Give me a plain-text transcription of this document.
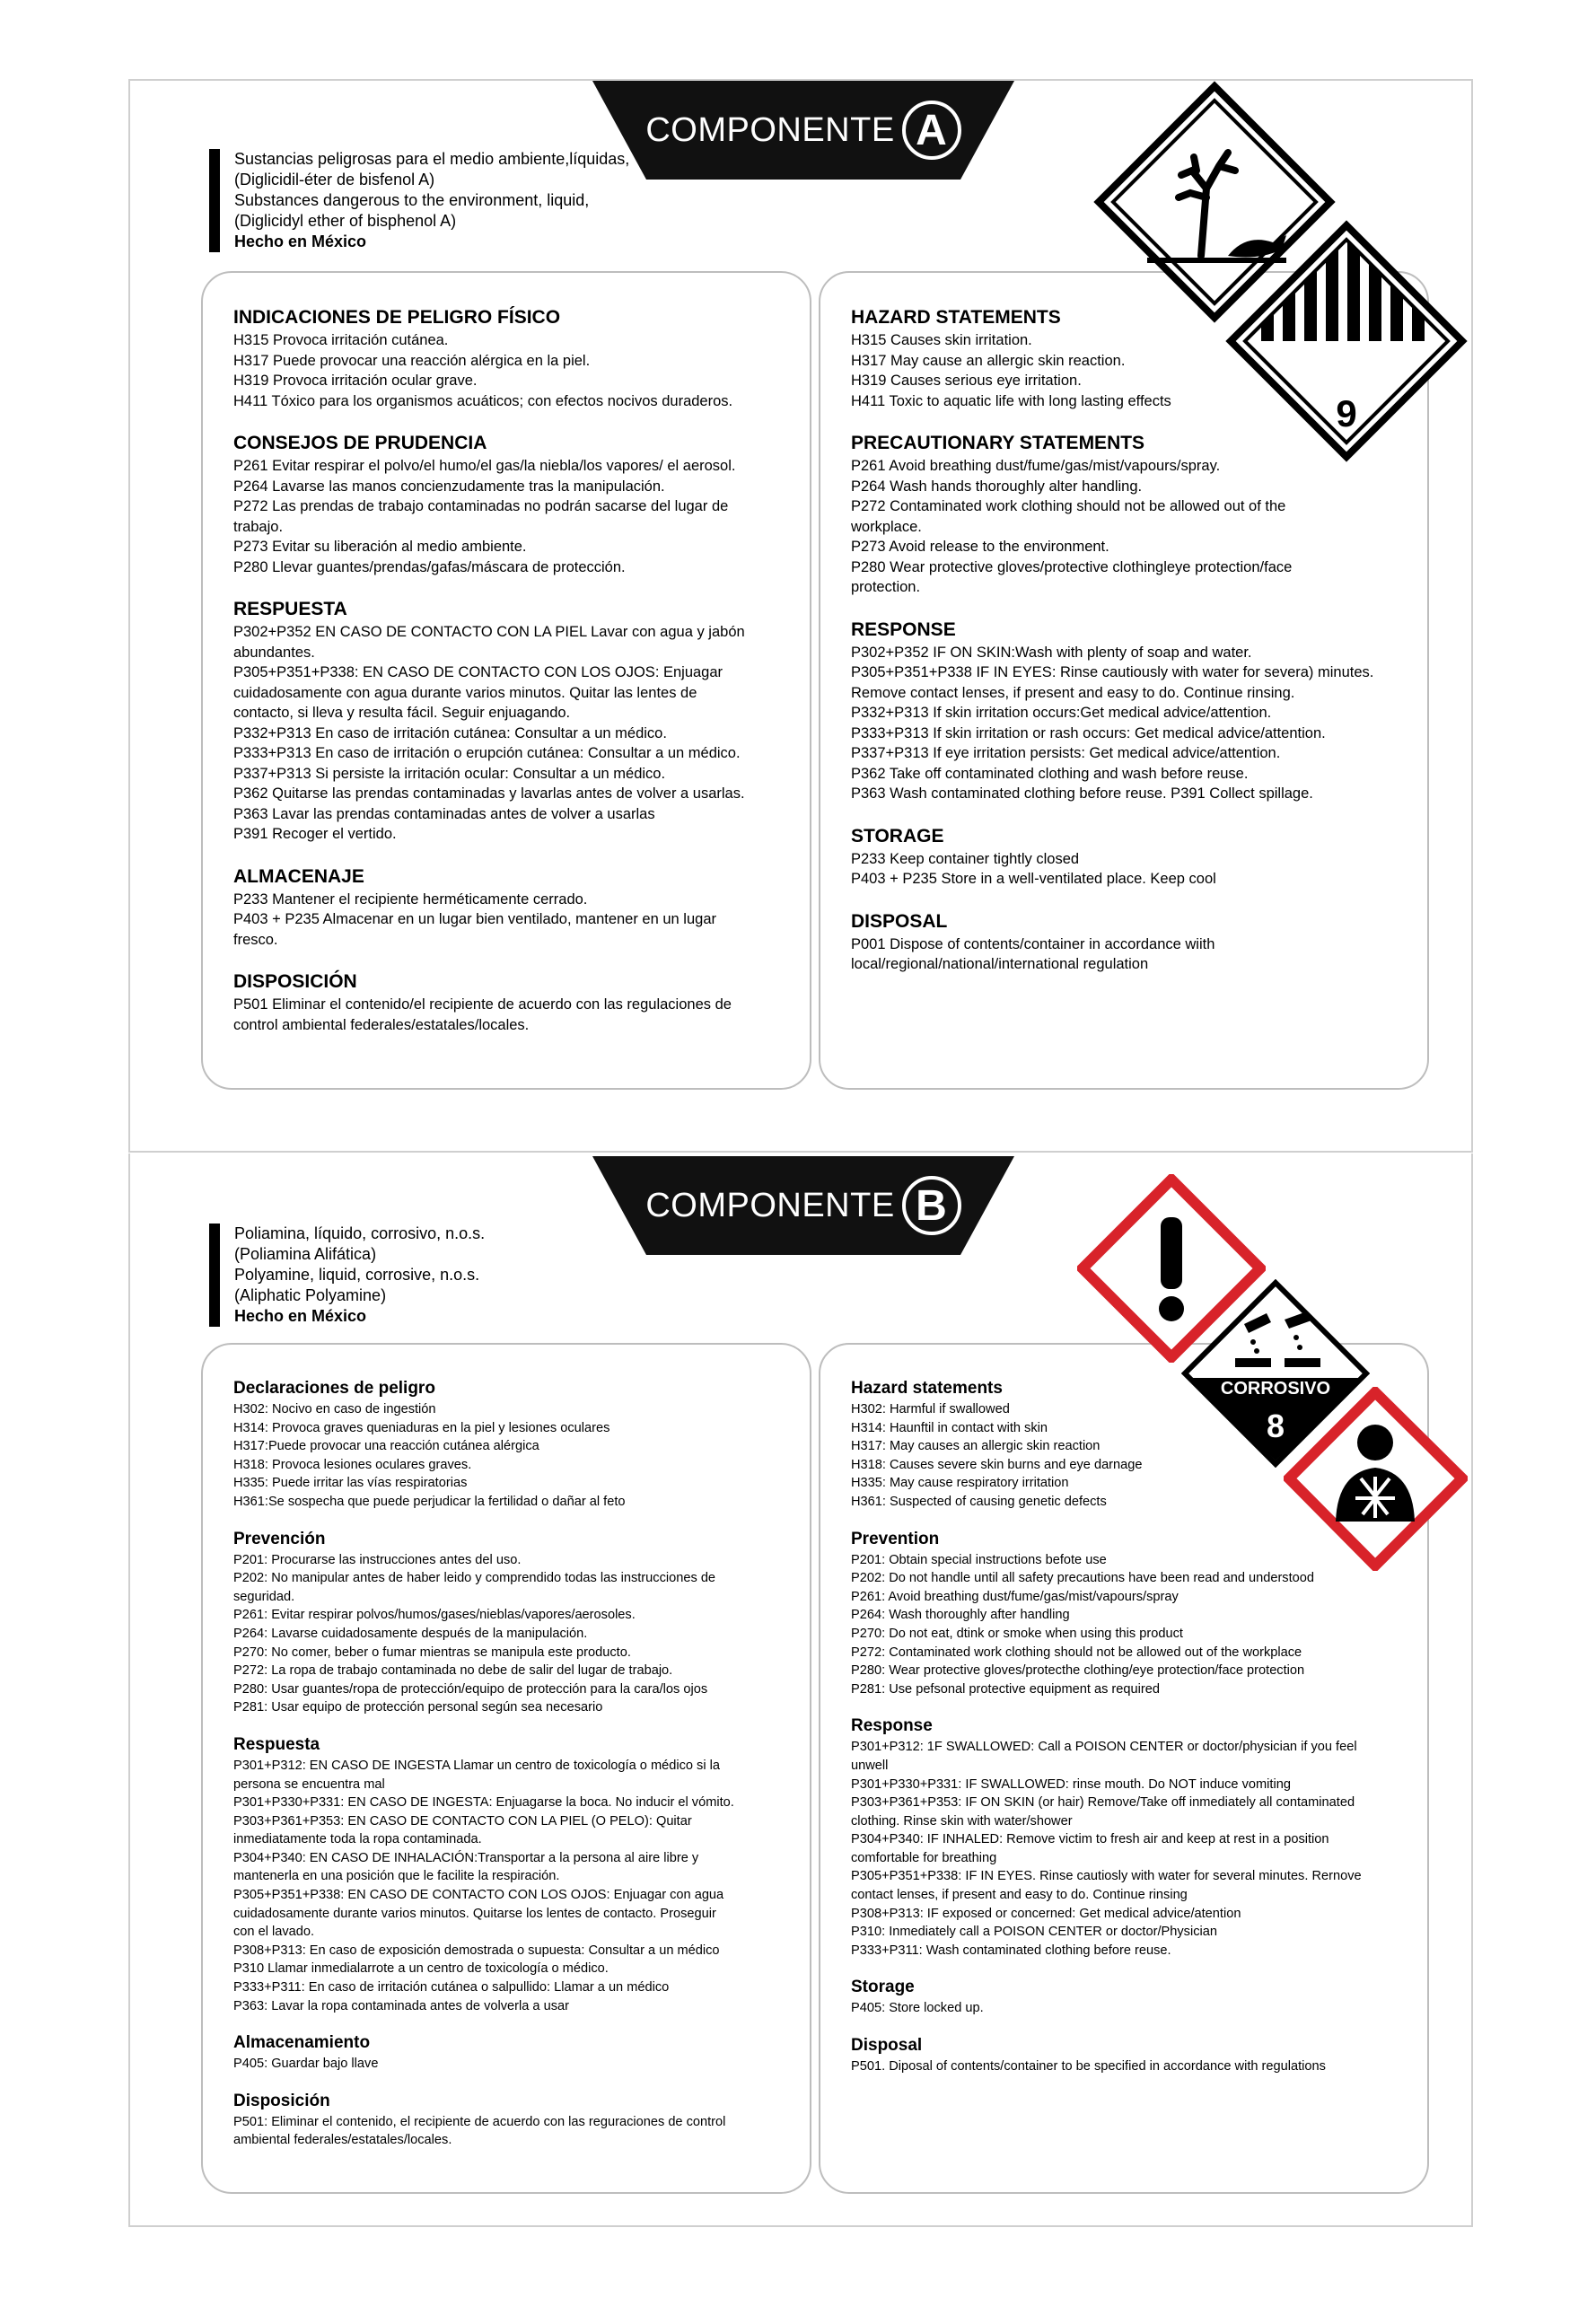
COMPONENTE A
Sustancias peligrosas para el medio ambiente,líquidas,
(Diglicidil-éter de bisfenol A)
Substances dangerous to the environment, liquid,
(Diglicidyl ether of bisphenol A)
Hecho en México
INDICACIONES DE PELIGRO FÍSICO
H315 Provoca irritación cutánea.
H317 Puede provocar una reacción alérgica en la piel.
H319 Provoca irritación ocular grave.
H411 Tóxico para los organismos acuáticos; con efectos nocivos duraderos.
CONSEJOS DE PRUDENCIA
P261 Evitar respirar el polvo/el humo/el gas/la niebla/los vapores/ el aerosol.
P264 Lavarse las manos concienzudamente tras la manipulación.
P272 Las prendas de trabajo contaminadas no podrán sacarse del lugar de
trabajo.
P273 Evitar su liberación al medio ambiente.
P280 Llevar guantes/prendas/gafas/máscara de protección.
RESPUESTA
P302+P352 EN CASO DE CONTACTO CON LA PIEL Lavar con agua y jabón
abundantes.
P305+P351+P338: EN CASO DE CONTACTO CON LOS OJOS: Enjuagar
cuidadosamente con agua durante varios minutos. Quitar las lentes de
contacto, si lleva y resulta fácil. Seguir enjuagando.
P332+P313 En caso de irritación cutánea: Consultar a un médico.
P333+P313 En caso de irritación o erupción cutánea: Consultar a un médico.
P337+P313 Si persiste la irritación ocular: Consultar a un médico.
P362 Quitarse las prendas contaminadas y lavarlas antes de volver a usarlas.
P363 Lavar las prendas contaminadas antes de volver a usarlas
P391 Recoger el vertido.
ALMACENAJE
P233 Mantener el recipiente herméticamente cerrado.
P403 + P235 Almacenar en un lugar bien ventilado, mantener en un lugar
fresco.
DISPOSICIÓN
P501 Eliminar el contenido/el recipiente de acuerdo con las regulaciones de
control ambiental federales/estatales/locales.
HAZARD STATEMENTS
H315 Causes skin irritation.
H317 May cause an allergic skin reaction.
H319 Causes serious eye irritation.
H411 Toxic to aquatic life with long lasting effects
PRECAUTIONARY STATEMENTS
P261 Avoid breathing dust/fume/gas/mist/vapours/spray.
P264 Wash hands thoroughly alter handling.
P272 Contaminated work clothing should not be allowed out of the
workplace.
P273 Avoid release to the environment.
P280 Wear protective gloves/protective clothingleye protection/face
protection.
RESPONSE
P302+P352 IF ON SKIN:Wash with plenty of soap and water.
P305+P351+P338 IF IN EYES: Rinse cautiously with water for severa) minutes.
Remove contact lenses, if present and easy to do. Continue rinsing.
P332+P313 If skin irritation occurs:Get medical advice/attention.
P333+P313 If skin irritation or rash occurs: Get medical advice/attention.
P337+P313 If eye irritation persists: Get medical advice/attention.
P362 Take off contaminated clothing and wash before reuse.
P363 Wash contaminated clothing before reuse. P391 Collect spillage.
STORAGE
P233 Keep container tightly closed
P403 + P235 Store in a well-ventilated place. Keep cool
DISPOSAL
P001 Dispose of contents/container in accordance wiith
local/regional/national/international regulation
9
COMPONENTE B
Poliamina, líquido, corrosivo, n.o.s.
(Poliamina Alifática)
Polyamine, liquid, corrosive, n.o.s.
(Aliphatic Polyamine)
Hecho en México
Declaraciones de peligro
H302: Nocivo en caso de ingestión
H314: Provoca graves queniaduras en la piel y lesiones oculares
H317:Puede provocar una reacción cutánea alérgica
H318: Provoca lesiones oculares graves.
H335: Puede irritar las vías respiratorias
H361:Se sospecha que puede perjudicar la fertilidad o dañar al feto
Prevención
P201: Procurarse las instrucciones antes del uso.
P202: No manipular antes de haber leido y comprendido todas las instrucciones de
seguridad.
P261: Evitar respirar polvos/humos/gases/nieblas/vapores/aerosoles.
P264: Lavarse cuidadosamente después de la manipulación.
P270: No comer, beber o fumar mientras se manipula este producto.
P272: La ropa de trabajo contaminada no debe de salir del lugar de trabajo.
P280: Usar guantes/ropa de protección/equipo de protección para la cara/los ojos
P281: Usar equipo de protección personal según sea necesario
Respuesta
P301+P312: EN CASO DE INGESTA Llamar un centro de toxicología o médico si la
persona se encuentra mal
P301+P330+P331: EN CASO DE INGESTA: Enjuagarse la boca. No inducir el vómito.
P303+P361+P353: EN CASO DE CONTACTO CON LA PIEL (O PELO): Quitar
inmediatamente toda la ropa contaminada.
P304+P340: EN CASO DE INHALACIÓN:Transportar a la persona al aire libre y
mantenerla en una posición que le facilite la respiración.
P305+P351+P338: EN CASO DE CONTACTO CON LOS OJOS: Enjuagar con agua
cuidadosamente durante varios minutos. Quitarse los lentes de contacto. Proseguir
con el lavado.
P308+P313: En caso de exposición demostrada o supuesta: Consultar a un médico
P310 Llamar inmedialarrote a un centro de toxicología o médico.
P333+P311: En caso de irritación cutánea o salpullido: Llamar a un médico
P363: Lavar la ropa contaminada antes de volverla a usar
Almacenamiento
P405: Guardar bajo llave
Disposición
P501: Eliminar el contenido, el recipiente de acuerdo con las reguraciones de control
ambiental federales/estatales/locales.
Hazard statements
H302: Harmful if swallowed
H314: Haunftil in contact with skin
H317: May causes an allergic skin reaction
H318: Causes severe skin burns and eye darnage
H335: May cause respiratory irritation
H361: Suspected of causing genetic defects
Prevention
P201: Obtain special instructions befote use
P202: Do not handle until all safety precautions have been read and understood
P261: Avoid breathing dust/fume/gas/mist/vapours/spray
P264: Wash thoroughly after handling
P270: Do not eat, dtink or smoke when using this product
P272: Contaminated work clothing should not be allowed out of the workplace
P280: Wear protective gloves/protecthe clothing/eye protection/face protection
P281: Use pefsonal protective equipment as required
Response
P301+P312: 1F SWALLOWED: Call a POISON CENTER or doctor/physician if you feel
unwell
P301+P330+P331: IF SWALLOWED: rinse mouth. Do NOT induce vomiting
P303+P361+P353: IF ON SKIN (or hair) Remove/Take off inmediately all contaminated
clothing. Rinse skin with water/shower
P304+P340: IF INHALED: Remove victim to fresh air and keep at rest in a position
comfortable for breathing
P305+P351+P338: IF IN EYES. Rinse cautiosly with water for several minutes. Rernove
contact lenses, if present and easy to do. Continue rinsing
P308+P313: IF exposed or concerned: Get medical advice/atention
P310: Inmediately call a POISON CENTER or doctor/Physician
P333+P311: Wash contaminated clothing before reuse.
Storage
P405: Store locked up.
Disposal
P501. Diposal of contents/container to be specified in accordance with regulations
CORROSIVO
8
